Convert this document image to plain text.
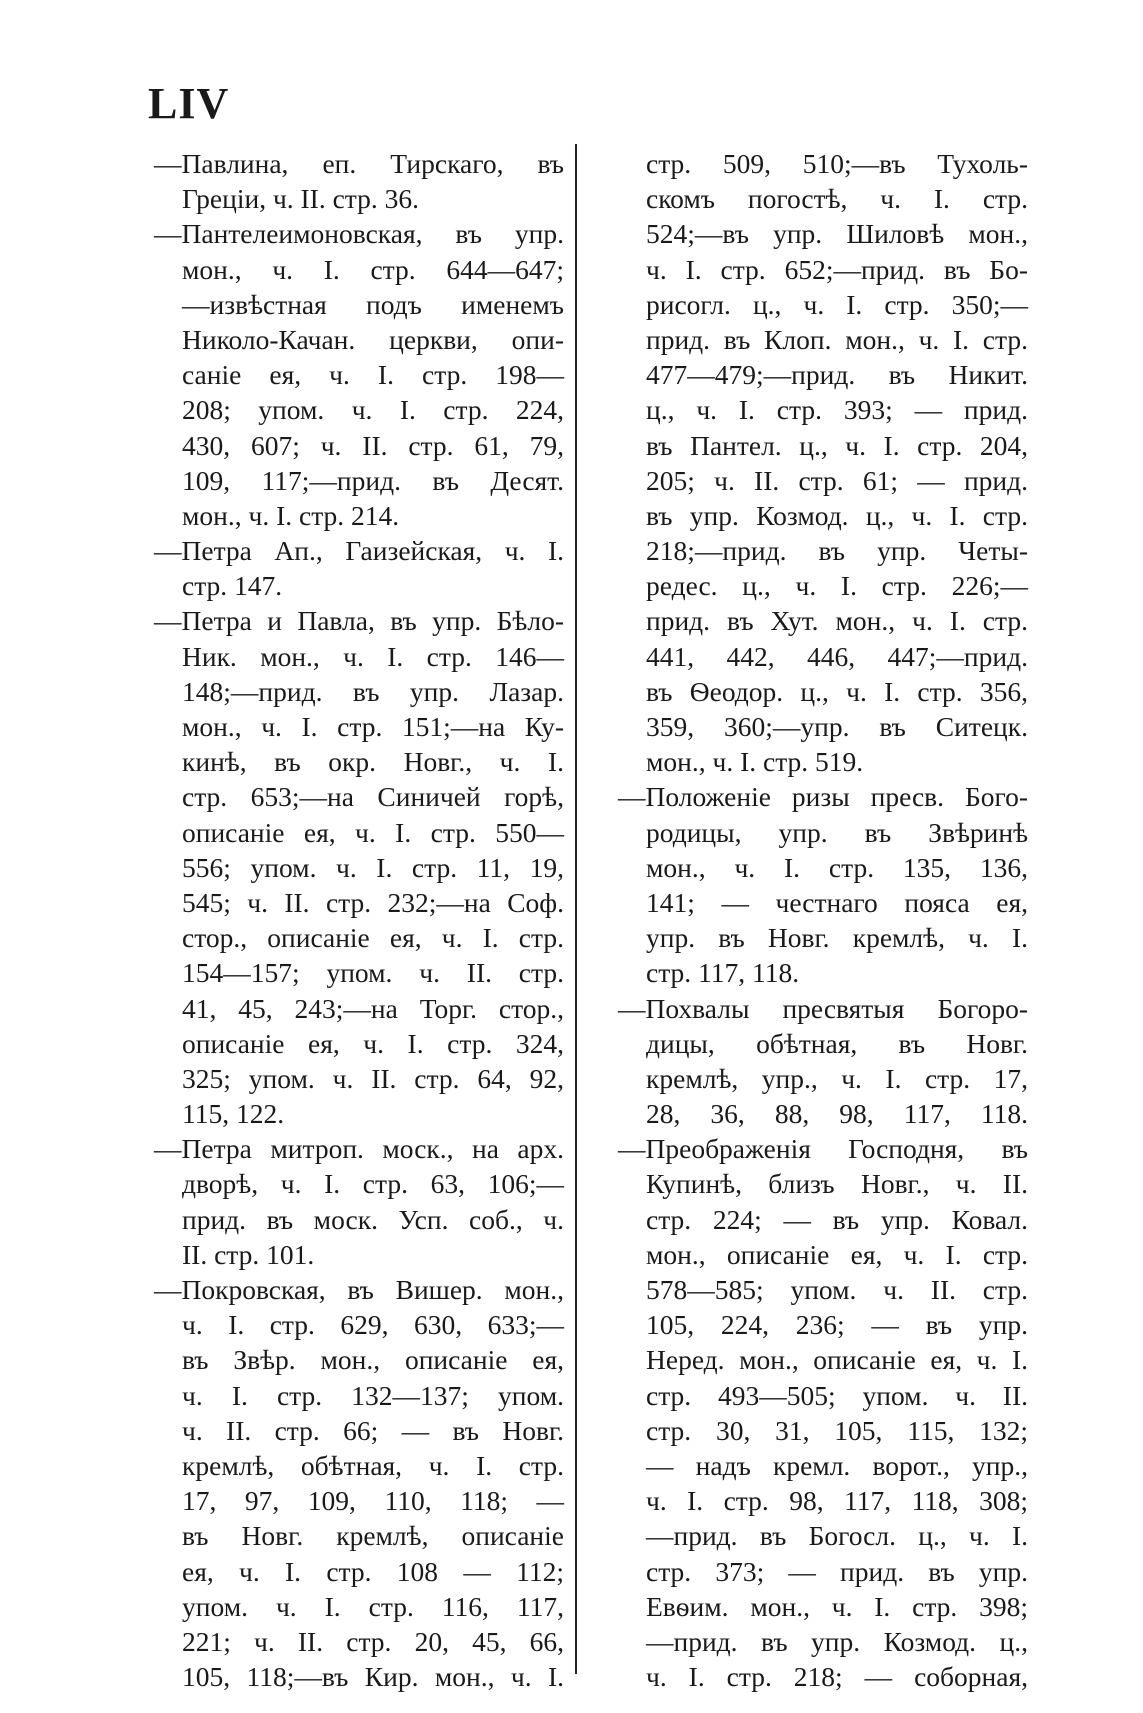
LIV
—Павлина, еп. Тирскаго, въ
Греціи, ч. II. стр. 36.
—Пантелеимоновская, въ упр.
мон., ч. I. стр. 644—647;
—извѣстная подъ именемъ
Николо-Качан. церкви, опи-
саніе ея, ч. I. стр. 198—
208; упом. ч. I. стр. 224,
430, 607; ч. II. стр. 61, 79,
109, 117;—прид. въ Десят.
мон., ч. I. стр. 214.
—Петра Ап., Гаизейская, ч. I.
стр. 147.
—Петра и Павла, въ упр. Бѣло-
Ник. мон., ч. I. стр. 146—
148;—прид. въ упр. Лазар.
мон., ч. I. стр. 151;—на Ку-
кинѣ, въ окр. Новг., ч. I.
стр. 653;—на Синичей горѣ,
описаніе ея, ч. I. стр. 550—
556; упом. ч. I. стр. 11, 19,
545; ч. II. стр. 232;—на Соф.
стор., описаніе ея, ч. I. стр.
154—157; упом. ч. II. стр.
41, 45, 243;—на Торг. стор.,
описаніе ея, ч. I. стр. 324,
325; упом. ч. II. стр. 64, 92,
115, 122.
—Петра митроп. моск., на арх.
дворѣ, ч. I. стр. 63, 106;—
прид. въ моск. Усп. соб., ч.
II. стр. 101.
—Покровская, въ Вишер. мон.,
ч. I. стр. 629, 630, 633;—
въ Звѣр. мон., описаніе ея,
ч. I. стр. 132—137; упом.
ч. II. стр. 66; — въ Новг.
кремлѣ, обѣтная, ч. I. стр.
17, 97, 109, 110, 118; —
въ Новг. кремлѣ, описаніе
ея, ч. I. стр. 108 — 112;
упом. ч. I. стр. 116, 117,
221; ч. II. стр. 20, 45, 66,
105, 118;—въ Кир. мон., ч. I.
стр. 509, 510;—въ Тухоль-
скомъ погостѣ, ч. I. стр.
524;—въ упр. Шиловѣ мон.,
ч. I. стр. 652;—прид. въ Бо-
рисогл. ц., ч. I. стр. 350;—
прид. въ Клоп. мон., ч. I. стр.
477—479;—прид. въ Никит.
ц., ч. I. стр. 393; — прид.
въ Пантел. ц., ч. I. стр. 204,
205; ч. II. стр. 61; — прид.
въ упр. Козмод. ц., ч. I. стр.
218;—прид. въ упр. Четы-
редес. ц., ч. I. стр. 226;—
прид. въ Хут. мон., ч. I. стр.
441, 442, 446, 447;—прид.
въ Ѳеодор. ц., ч. I. стр. 356,
359, 360;—упр. въ Ситецк.
мон., ч. I. стр. 519.
—Положеніе ризы пресв. Бого-
родицы, упр. въ Звѣринѣ
мон., ч. I. стр. 135, 136,
141; — честнаго пояса ея,
упр. въ Новг. кремлѣ, ч. I.
стр. 117, 118.
—Похвалы пресвятыя Богоро-
дицы, обѣтная, въ Новг.
кремлѣ, упр., ч. I. стр. 17,
28, 36, 88, 98, 117, 118.
—Преображенія Господня, въ
Купинѣ, близъ Новг., ч. II.
стр. 224; — въ упр. Ковал.
мон., описаніе ея, ч. I. стр.
578—585; упом. ч. II. стр.
105, 224, 236; — въ упр.
Неред. мон., описаніе ея, ч. I.
стр. 493—505; упом. ч. II.
стр. 30, 31, 105, 115, 132;
— надъ кремл. ворот., упр.,
ч. I. стр. 98, 117, 118, 308;
—прид. въ Богосл. ц., ч. I.
стр. 373; — прид. въ упр.
Евѳим. мон., ч. I. стр. 398;
—прид. въ упр. Козмод. ц.,
ч. I. стр. 218; — соборная,
